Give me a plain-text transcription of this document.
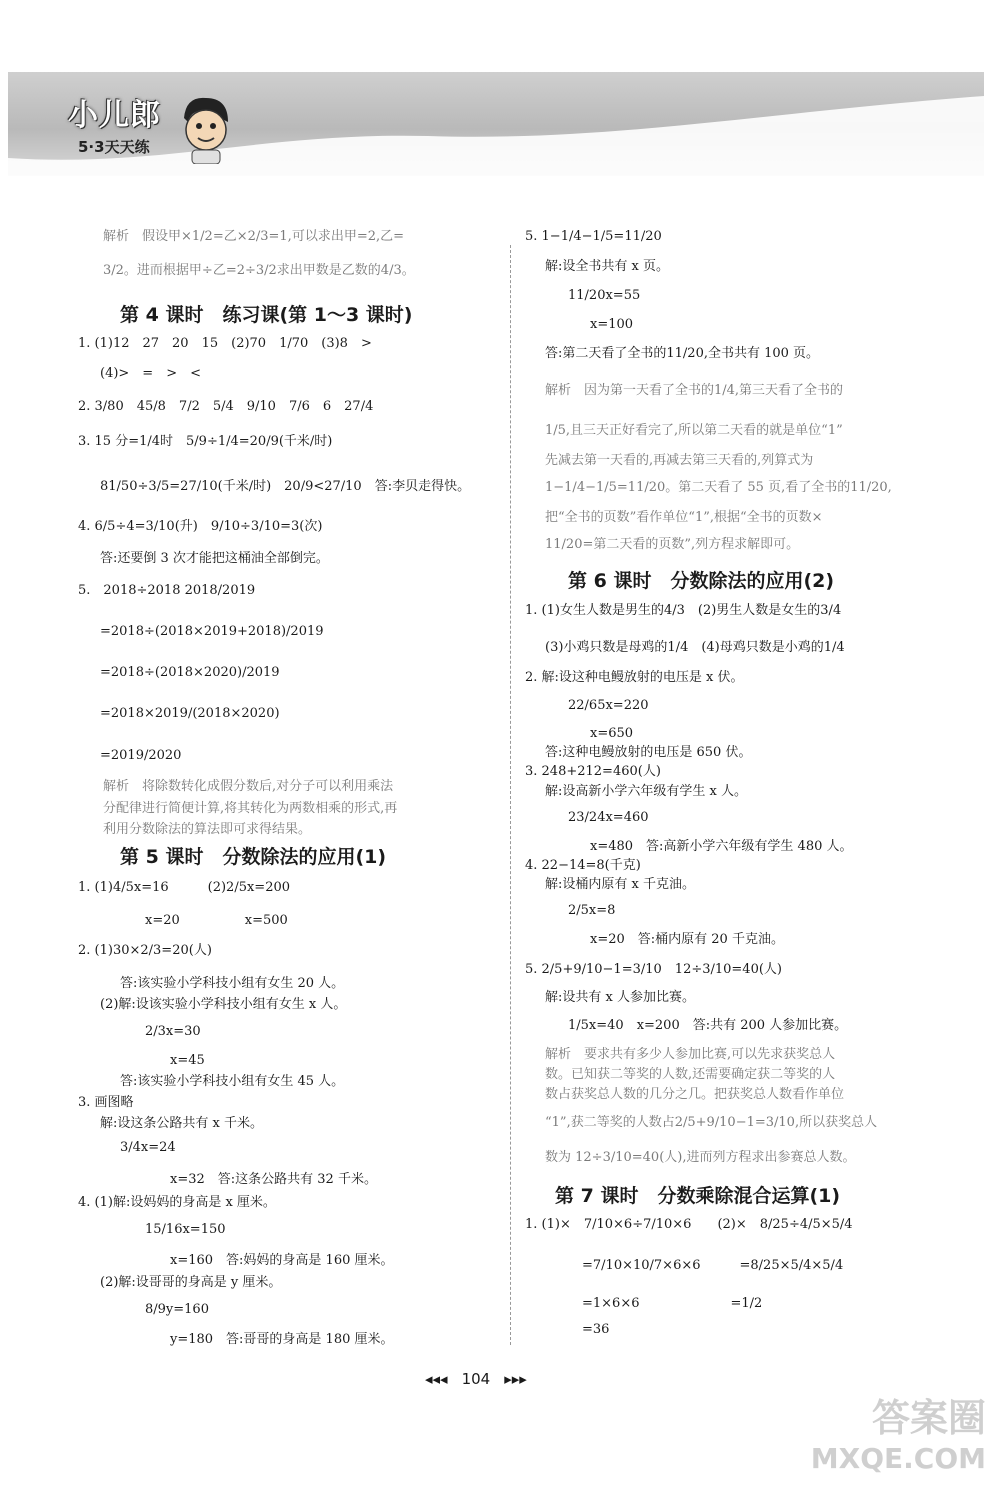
小儿郎
5·3天天练
解析　假设甲×1/2=乙×2/3=1,可以求出甲=2,乙=
3/2。进而根据甲÷乙=2÷3/2求出甲数是乙数的4/3。
第 4 课时　练习课(第 1～3 课时)
1. (1)12　27　20　15　(2)70　1/70　(3)8　>
(4)>　=　>　<
2. 3/80　45/8　7/2　5/4　9/10　7/6　6　27/4
3. 15 分=1/4时　5/9÷1/4=20/9(千米/时)
81/50÷3/5=27/10(千米/时)　20/9<27/10　答:李贝走得快。
4. 6/5÷4=3/10(升)　9/10÷3/10=3(次)
答:还要倒 3 次才能把这桶油全部倒完。
5.　2018÷2018 2018/2019
=2018÷(2018×2019+2018)/2019
=2018÷(2018×2020)/2019
=2018×2019/(2018×2020)
=2019/2020
解析　将除数转化成假分数后,对分子可以利用乘法
分配律进行简便计算,将其转化为两数相乘的形式,再
利用分数除法的算法即可求得结果。
第 5 课时　分数除法的应用(1)
1. (1)4/5x=16　　　(2)2/5x=200
x=20　　　　　x=500
2. (1)30×2/3=20(人)
答:该实验小学科技小组有女生 20 人。
(2)解:设该实验小学科技小组有女生 x 人。
2/3x=30
x=45
答:该实验小学科技小组有女生 45 人。
3. 画图略
解:设这条公路共有 x 千米。
3/4x=24
x=32　答:这条公路共有 32 千米。
4. (1)解:设妈妈的身高是 x 厘米。
15/16x=150
x=160　答:妈妈的身高是 160 厘米。
(2)解:设哥哥的身高是 y 厘米。
8/9y=160
y=180　答:哥哥的身高是 180 厘米。
5. 1−1/4−1/5=11/20
解:设全书共有 x 页。
11/20x=55
x=100
答:第二天看了全书的11/20,全书共有 100 页。
解析　因为第一天看了全书的1/4,第三天看了全书的
1/5,且三天正好看完了,所以第二天看的就是单位“1”
先减去第一天看的,再减去第三天看的,列算式为
1−1/4−1/5=11/20。第二天看了 55 页,看了全书的11/20,
把“全书的页数”看作单位“1”,根据“全书的页数×
11/20=第二天看的页数”,列方程求解即可。
第 6 课时　分数除法的应用(2)
1. (1)女生人数是男生的4/3　(2)男生人数是女生的3/4
(3)小鸡只数是母鸡的1/4　(4)母鸡只数是小鸡的1/4
2. 解:设这种电鳗放射的电压是 x 伏。
22/65x=220
x=650
答:这种电鳗放射的电压是 650 伏。
3. 248+212=460(人)
解:设高新小学六年级有学生 x 人。
23/24x=460
x=480　答:高新小学六年级有学生 480 人。
4. 22−14=8(千克)
解:设桶内原有 x 千克油。
2/5x=8
x=20　答:桶内原有 20 千克油。
5. 2/5+9/10−1=3/10　12÷3/10=40(人)
解:设共有 x 人参加比赛。
1/5x=40　x=200　答:共有 200 人参加比赛。
解析　要求共有多少人参加比赛,可以先求获奖总人
数。已知获二等奖的人数,还需要确定获二等奖的人
数占获奖总人数的几分之几。把获奖总人数看作单位
“1”,获二等奖的人数占2/5+9/10−1=3/10,所以获奖总人
数为 12÷3/10=40(人),进而列方程求出参赛总人数。
第 7 课时　分数乘除混合运算(1)
1. (1)×　7/10×6÷7/10×6　　(2)×　8/25÷4/5×5/4
=7/10×10/7×6×6　　　=8/25×5/4×5/4
=1×6×6　　　　　　　=1/2
=36
◂◂◂ 104 ▸▸▸
答案圈
MXQE.COM
